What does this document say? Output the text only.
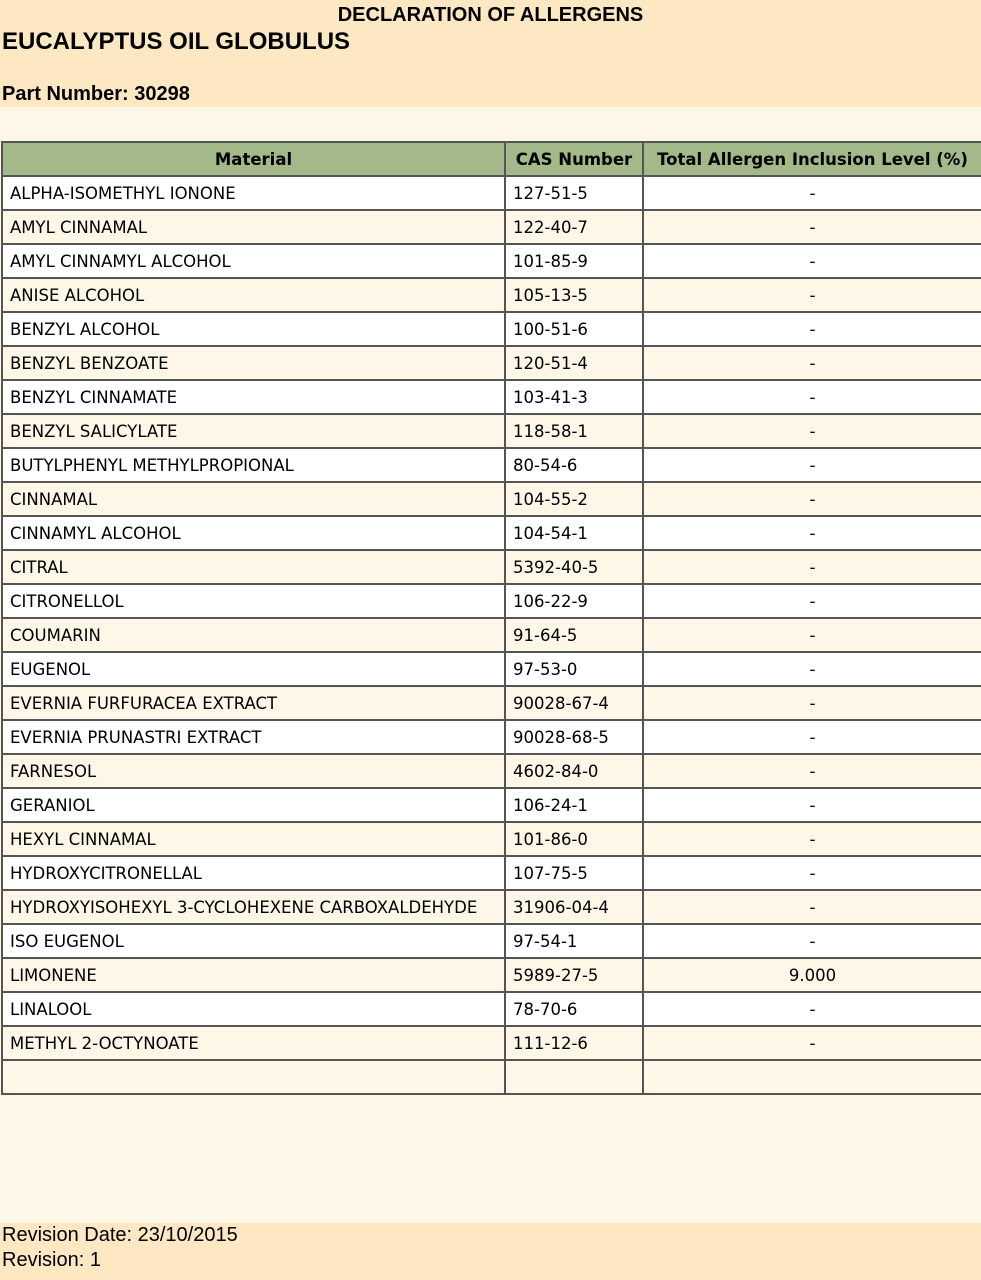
DECLARATION OF ALLERGENS
EUCALYPTUS OIL GLOBULUS
Part Number: 30298
Material	CAS Number	Total Allergen Inclusion Level (%)
ALPHA-ISOMETHYL IONONE	127-51-5	-
AMYL CINNAMAL	122-40-7	-
AMYL CINNAMYL ALCOHOL	101-85-9	-
ANISE ALCOHOL	105-13-5	-
BENZYL ALCOHOL	100-51-6	-
BENZYL BENZOATE	120-51-4	-
BENZYL CINNAMATE	103-41-3	-
BENZYL SALICYLATE	118-58-1	-
BUTYLPHENYL METHYLPROPIONAL	80-54-6	-
CINNAMAL	104-55-2	-
CINNAMYL ALCOHOL	104-54-1	-
CITRAL	5392-40-5	-
CITRONELLOL	106-22-9	-
COUMARIN	91-64-5	-
EUGENOL	97-53-0	-
EVERNIA FURFURACEA EXTRACT	90028-67-4	-
EVERNIA PRUNASTRI EXTRACT	90028-68-5	-
FARNESOL	4602-84-0	-
GERANIOL	106-24-1	-
HEXYL CINNAMAL	101-86-0	-
HYDROXYCITRONELLAL	107-75-5	-
HYDROXYISOHEXYL 3-CYCLOHEXENE CARBOXALDEHYDE	31906-04-4	-
ISO EUGENOL	97-54-1	-
LIMONENE	5989-27-5	9.000
LINALOOL	78-70-6	-
METHYL 2-OCTYNOATE	111-12-6	-

Revision Date: 23/10/2015
Revision: 1
